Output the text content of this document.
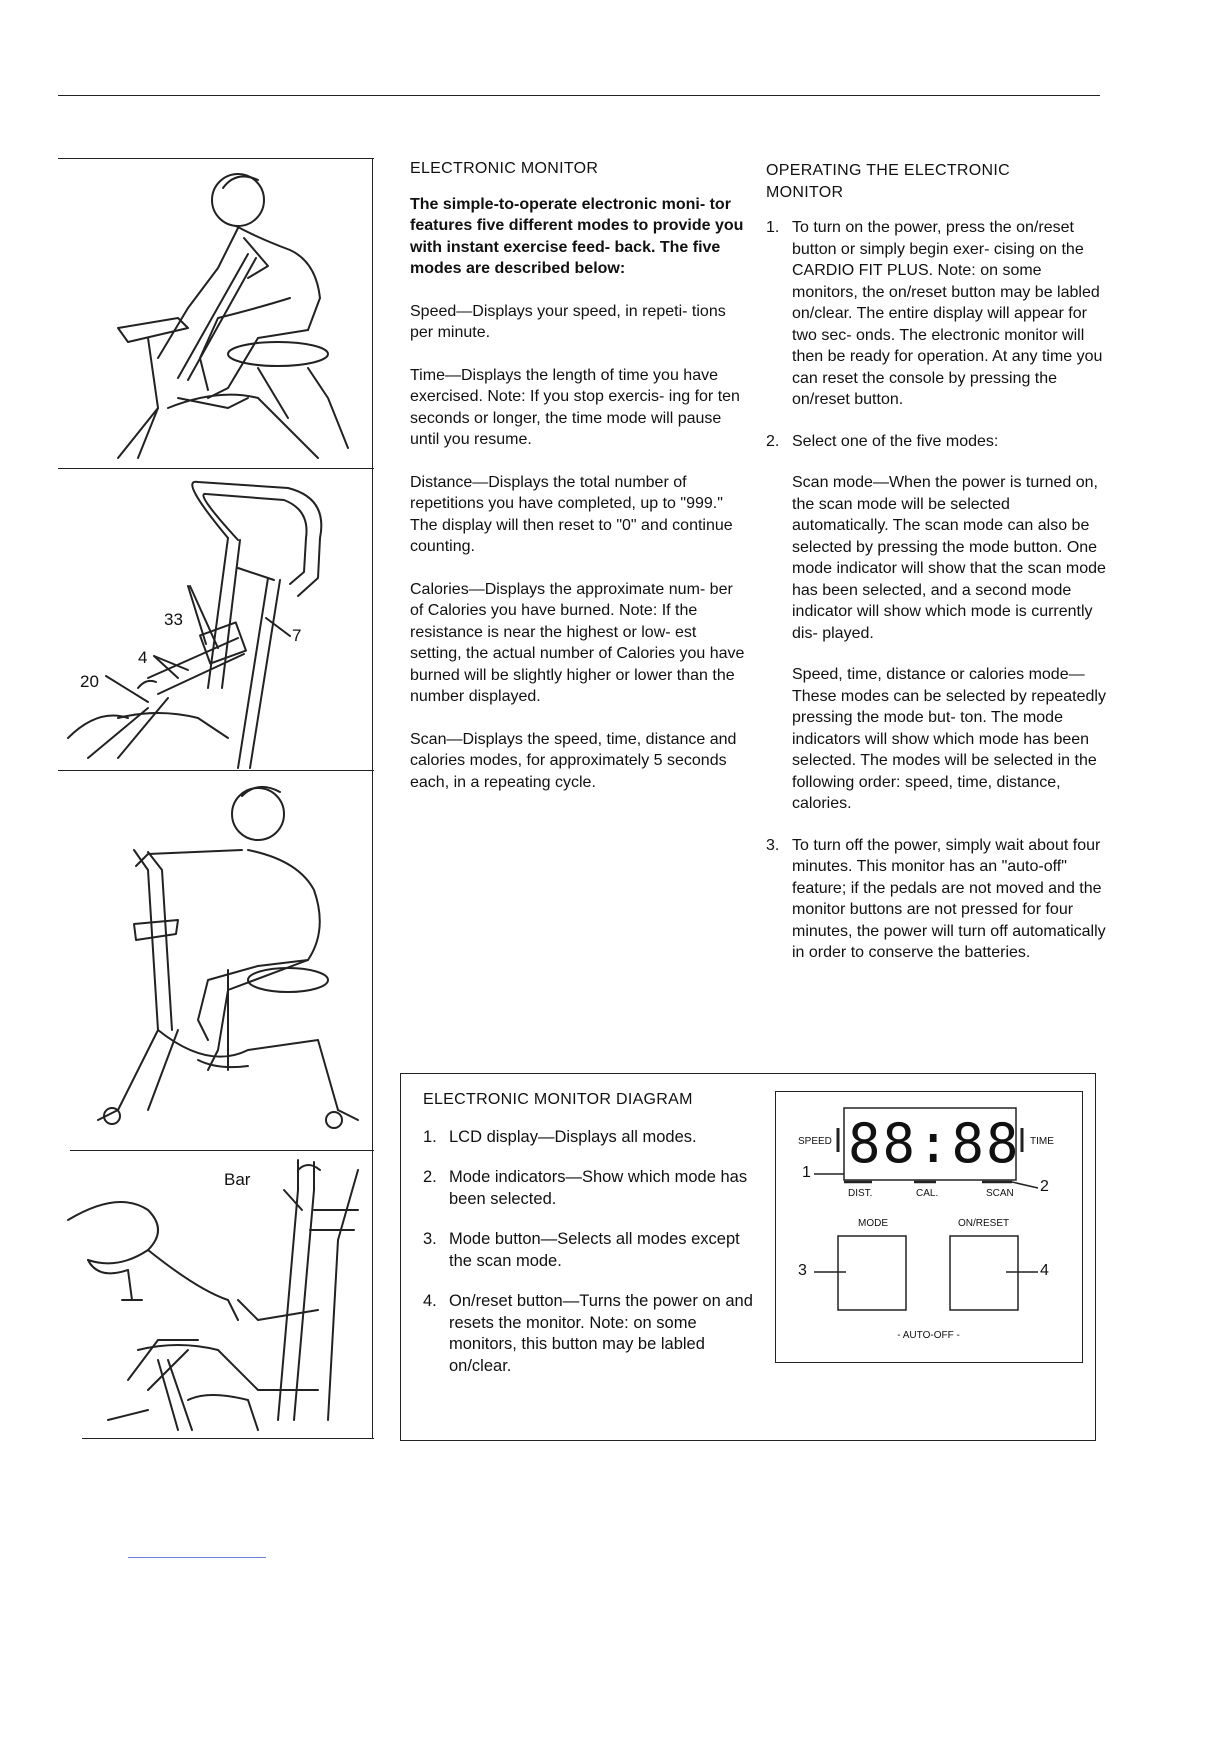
33
7
4
20
Bar
ELECTRONIC MONITOR

The simple-to-operate electronic moni- tor features five different modes to provide you with instant exercise feed- back. The five modes are described below:

Speed—Displays your speed, in repeti- tions per minute.

Time—Displays the length of time you have exercised. Note: If you stop exercis- ing for ten seconds or longer, the time mode will pause until you resume.

Distance—Displays the total number of repetitions you have completed, up to "999." The display will then reset to "0" and continue counting.

Calories—Displays the approximate num- ber of Calories you have burned. Note: If the resistance is near the highest or low- est setting, the actual number of Calories you have burned will be slightly higher or lower than the number displayed.

Scan—Displays the speed, time, distance and calories modes, for approximately 5 seconds each, in a repeating cycle.

OPERATING THE ELECTRONIC MONITOR
1. To turn on the power, press the on/reset button or simply begin exer- cising on the CARDIO FIT PLUS. Note: on some monitors, the on/reset button may be labled on/clear. The entire display will appear for two sec- onds. The electronic monitor will then be ready for operation. At any time you can reset the console by pressing the on/reset button.

2. Select one of the five modes:

Scan mode—When the power is turned on, the scan mode will be selected automatically. The scan mode can also be selected by pressing the mode button. One mode indicator will show that the scan mode has been selected, and a second mode indicator will show which mode is currently dis- played.

Speed, time, distance or calories mode—These modes can be selected by repeatedly pressing the mode but- ton. The mode indicators will show which mode has been selected. The modes will be selected in the following order: speed, time, distance, calories.

3. To turn off the power, simply wait about four minutes. This monitor has an "auto-off" feature; if the pedals are not moved and the monitor buttons are not pressed for four minutes, the power will turn off automatically in order to conserve the batteries.

ELECTRONIC MONITOR DIAGRAM
1. LCD display—Displays all modes.
2. Mode indicators—Show which mode has been selected.
3. Mode button—Selects all modes except the scan mode.
4. On/reset button—Turns the power on and resets the monitor. Note: on some monitors, this button may be labled on/clear.
88:88
SPEED	TIME
1
2
DIST.	CAL.	SCAN
MODE	ON/RESET
3	4
- AUTO-OFF -
